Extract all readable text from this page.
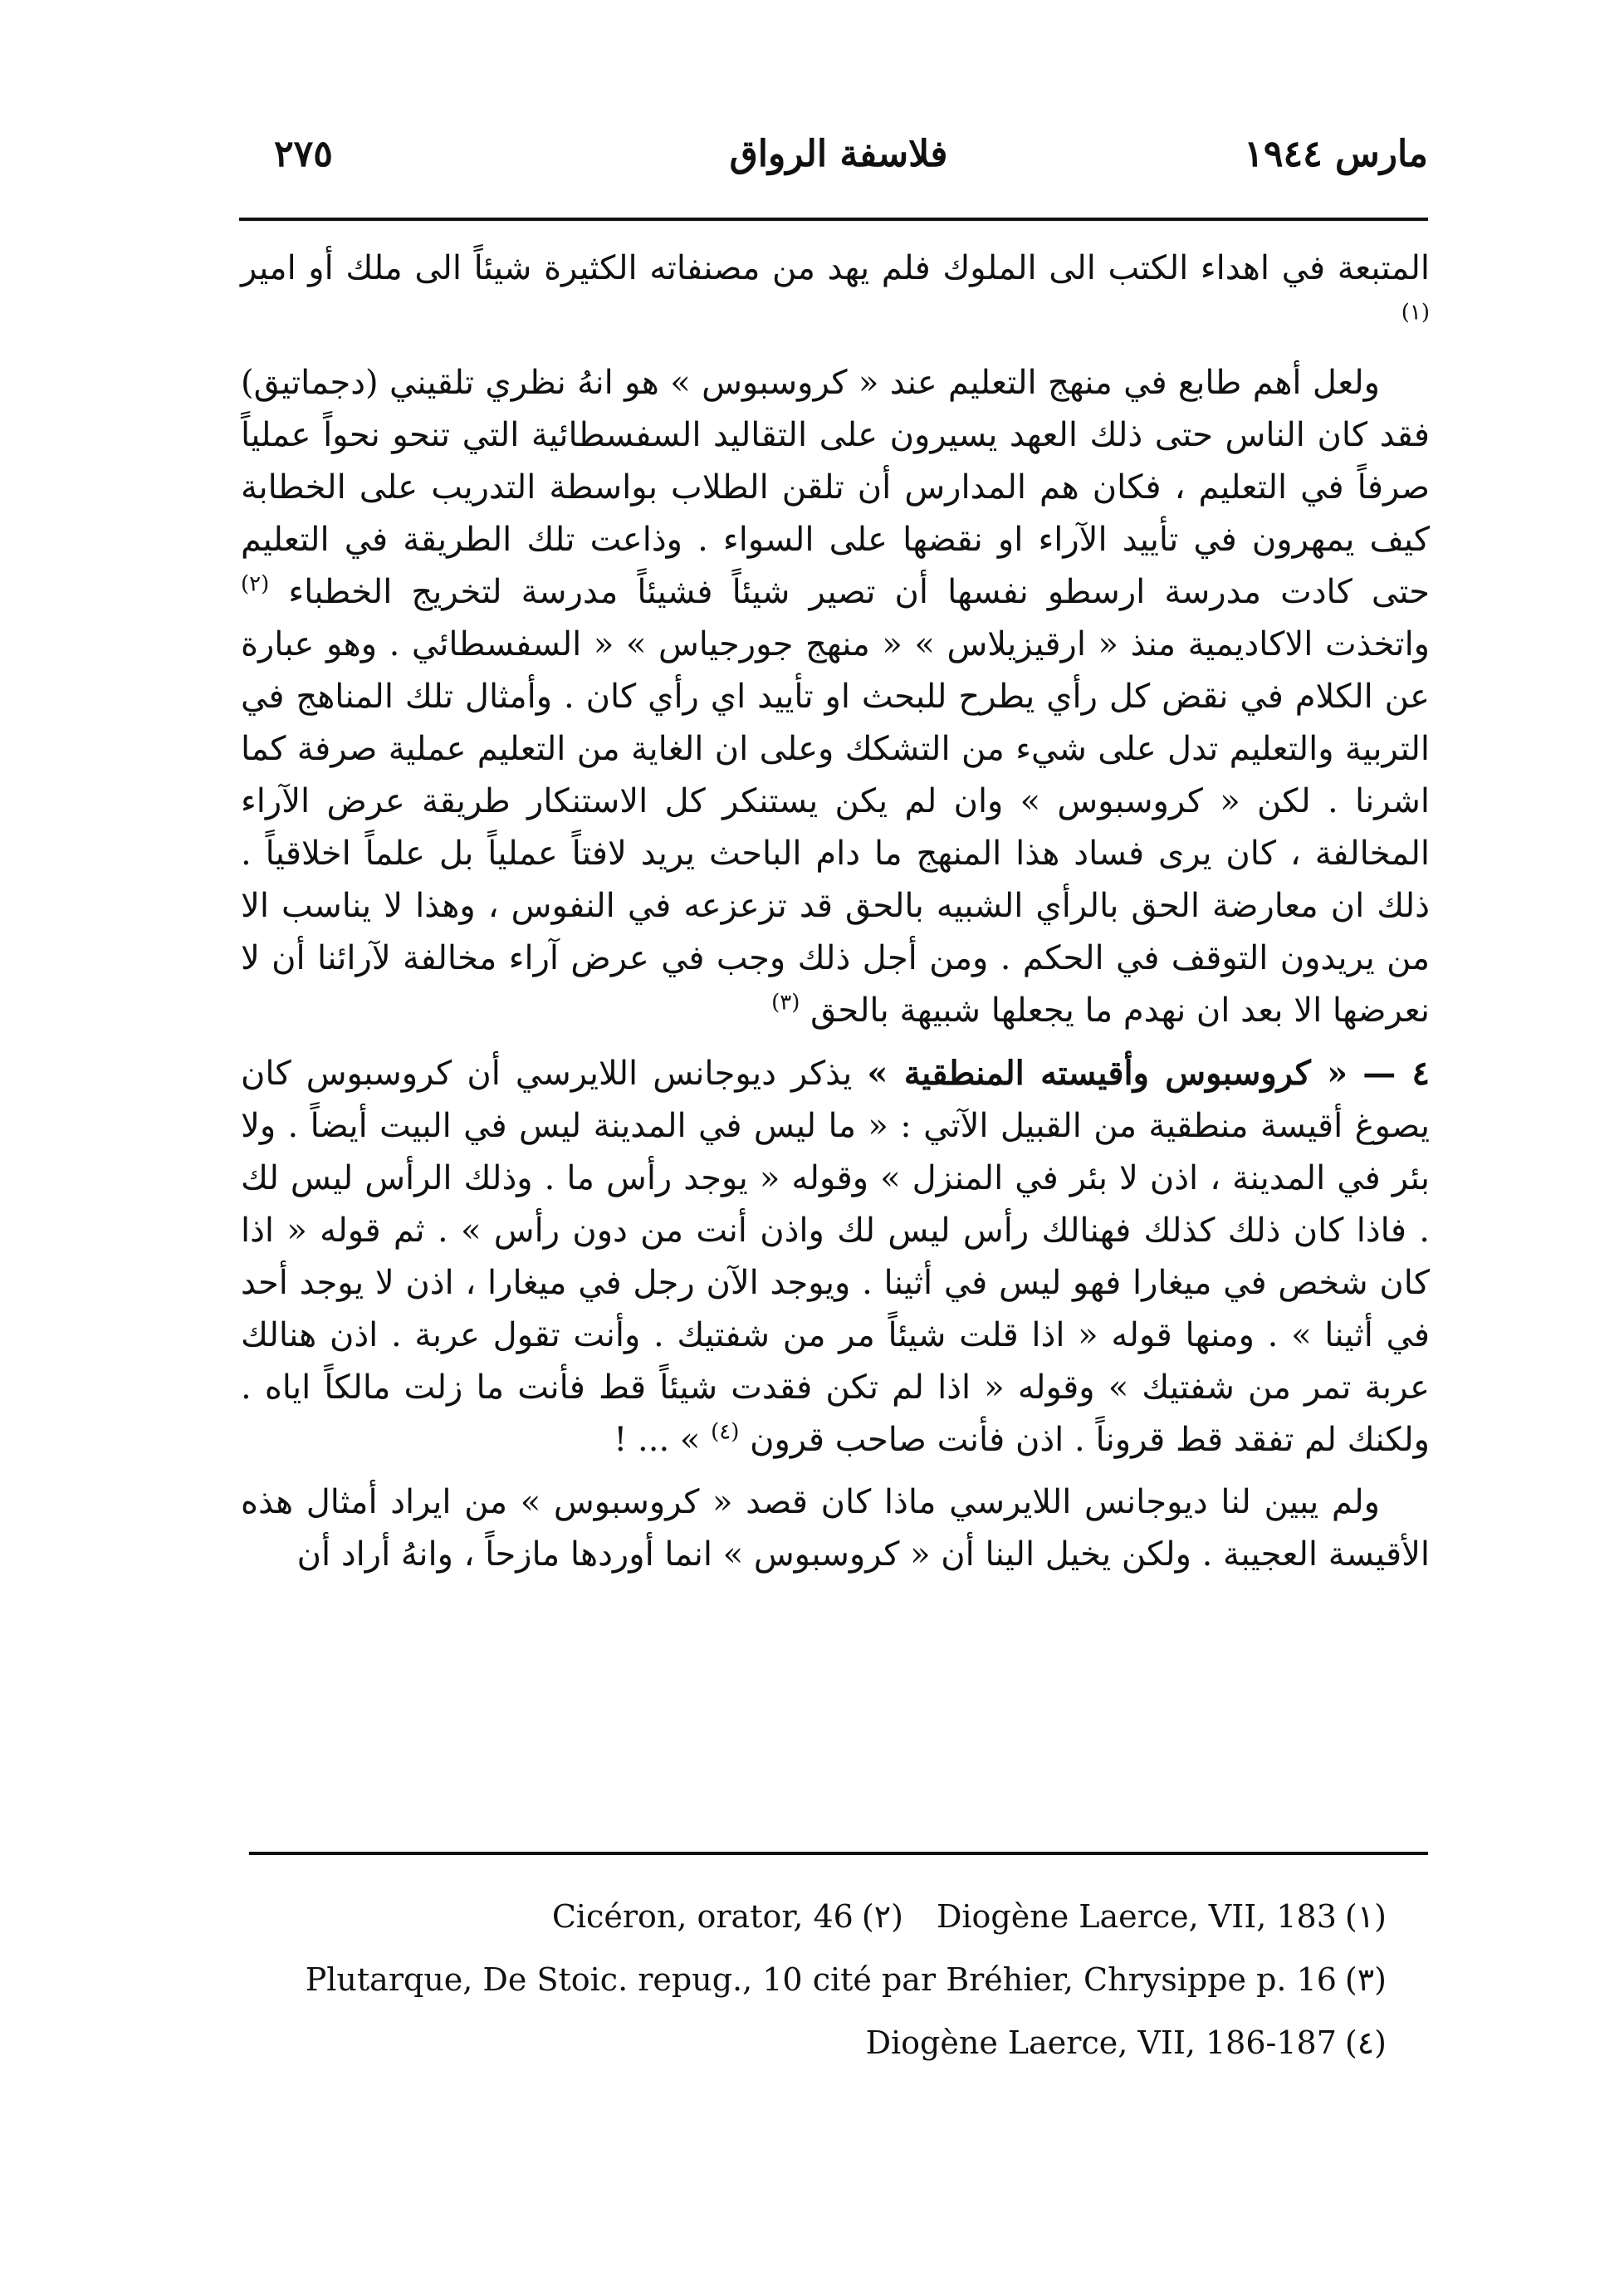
مارس ١٩٤٤
فلاسفة الرواق
٢٧٥

المتبعة في اهداء الكتب الى الملوك فلم يهد من مصنفاته الكثيرة شيئاً الى ملك أو امير $^{(١)}$

ولعل أهم طابع في منهج التعليم عند « كروسبوس » هو انهُ نظري تلقيني (دجماتيق) فقد كان الناس حتى ذلك العهد يسيرون على التقاليد السفسطائية التي تنحو نحواً عملياً صرفاً في التعليم ، فكان هم المدارس أن تلقن الطلاب بواسطة التدريب على الخطابة كيف يمهرون في تأييد الآراء او نقضها على السواء . وذاعت تلك الطريقة في التعليم حتى كادت مدرسة ارسطو نفسها أن تصير شيئاً فشيئاً مدرسة لتخريج الخطباء $^{(٢)}$ واتخذت الاكاديمية منذ « ارقيزيلاس » « منهج جورجياس » « السفسطائي . وهو عبارة عن الكلام في نقض كل رأي يطرح للبحث او تأييد اي رأي كان . وأمثال تلك المناهج في التربية والتعليم تدل على شيء من التشكك وعلى ان الغاية من التعليم عملية صرفة كما اشرنا . لكن « كروسبوس » وان لم يكن يستنكر كل الاستنكار طريقة عرض الآراء المخالفة ، كان يرى فساد هذا المنهج ما دام الباحث يريد لافتاً عملياً بل علماً اخلاقياً . ذلك ان معارضة الحق بالرأي الشبيه بالحق قد تزعزعه في النفوس ، وهذا لا يناسب الا من يريدون التوقف في الحكم . ومن أجل ذلك وجب في عرض آراء مخالفة لآرائنا أن لا نعرضها الا بعد ان نهدم ما يجعلها شبيهة بالحق $^{(٣)}$

٤ — « كروسبوس وأقيسته المنطقية » يذكر ديوجانس اللايرسي أن كروسبوس كان يصوغ أقيسة منطقية من القبيل الآتي : « ما ليس في المدينة ليس في البيت أيضاً . ولا بئر في المدينة ، اذن لا بئر في المنزل » وقوله « يوجد رأس ما . وذلك الرأس ليس لك . فاذا كان ذلك كذلك فهنالك رأس ليس لك واذن أنت من دون رأس » . ثم قوله « اذا كان شخص في ميغارا فهو ليس في أثينا . ويوجد الآن رجل في ميغارا ، اذن لا يوجد أحد في أثينا » . ومنها قوله « اذا قلت شيئاً مر من شفتيك . وأنت تقول عربة . اذن هنالك عربة تمر من شفتيك » وقوله « اذا لم تكن فقدت شيئاً قط فأنت ما زلت مالكاً اياه . ولكنك لم تفقد قط قروناً . اذن فأنت صاحب قرون $^{(٤)}$ » ... !

ولم يبين لنا ديوجانس اللايرسي ماذا كان قصد « كروسبوس » من ايراد أمثال هذه الأقيسة العجيبة . ولكن يخيل الينا أن « كروسبوس » انما أوردها مازحاً ، وانهُ أراد أن

Cicéron, orator, 46 (٢) Diogène Laerce, VII, 183 (١)
Plutarque, De Stoic. repug., 10 cité par Bréhier, Chrysippe p. 16 (٣)
Diogène Laerce, VII, 186-187 (٤)
